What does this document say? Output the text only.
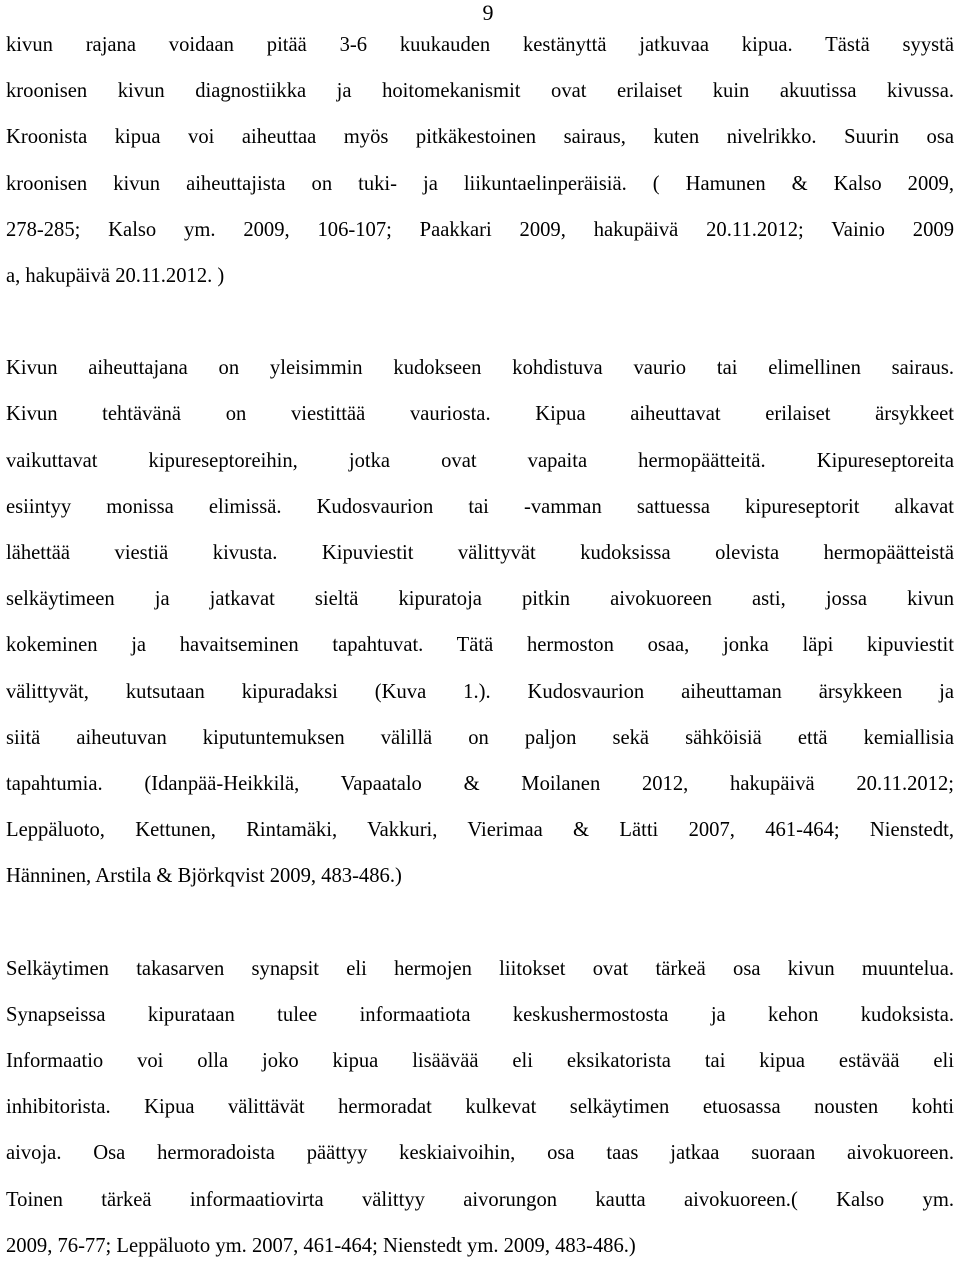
9

kivun rajana voidaan pitää 3-6 kuukauden kestänyttä jatkuvaa kipua. Tästä syystä
kroonisen kivun diagnostiikka ja hoitomekanismit ovat erilaiset kuin akuutissa kivussa.
Kroonista kipua voi aiheuttaa myös pitkäkestoinen sairaus, kuten nivelrikko. Suurin osa
kroonisen kivun aiheuttajista on tuki- ja liikuntaelinperäisiä. ( Hamunen & Kalso 2009,
278-285; Kalso ym. 2009, 106-107; Paakkari 2009, hakupäivä 20.11.2012; Vainio 2009
a, hakupäivä 20.11.2012. )

Kivun aiheuttajana on yleisimmin kudokseen kohdistuva vaurio tai elimellinen sairaus.
Kivun tehtävänä on viestittää vauriosta. Kipua aiheuttavat erilaiset ärsykkeet
vaikuttavat kipureseptoreihin, jotka ovat vapaita hermopäätteitä. Kipureseptoreita
esiintyy monissa elimissä. Kudosvaurion tai -vamman sattuessa kipureseptorit alkavat
lähettää viestiä kivusta. Kipuviestit välittyvät kudoksissa olevista hermopäätteistä
selkäytimeen ja jatkavat sieltä kipuratoja pitkin aivokuoreen asti, jossa kivun
kokeminen ja havaitseminen tapahtuvat. Tätä hermoston osaa, jonka läpi kipuviestit
välittyvät, kutsutaan kipuradaksi (Kuva 1.). Kudosvaurion aiheuttaman ärsykkeen ja
siitä aiheutuvan kiputuntemuksen välillä on paljon sekä sähköisiä että kemiallisia
tapahtumia. (Idanpää-Heikkilä, Vapaatalo & Moilanen 2012, hakupäivä 20.11.2012;
Leppäluoto, Kettunen, Rintamäki, Vakkuri, Vierimaa & Lätti 2007, 461-464; Nienstedt,
Hänninen, Arstila & Björkqvist 2009, 483-486.)

Selkäytimen takasarven synapsit eli hermojen liitokset ovat tärkeä osa kivun muuntelua.
Synapseissa kipurataan tulee informaatiota keskushermostosta ja kehon kudoksista.
Informaatio voi olla joko kipua lisäävää eli eksikatorista tai kipua estävää eli
inhibitorista. Kipua välittävät hermoradat kulkevat selkäytimen etuosassa nousten kohti
aivoja. Osa hermoradoista päättyy keskiaivoihin, osa taas jatkaa suoraan aivokuoreen.
Toinen tärkeä informaatiovirta välittyy aivorungon kautta aivokuoreen.( Kalso ym.
2009, 76-77; Leppäluoto ym. 2007, 461-464; Nienstedt ym. 2009, 483-486.)
